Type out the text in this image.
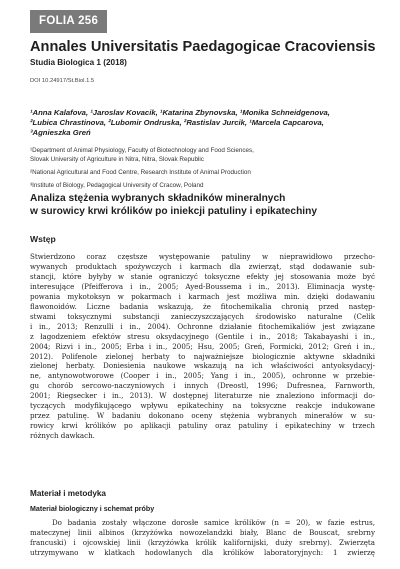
FOLIA 256
Annales Universitatis Paedagogicae Cracoviensis
Studia Biologica 1 (2018)
DOI 10.24917/St.Biol.1.5
¹Anna Kalafova, ¹Jaroslav Kovacik, ¹Katarina Zbynovska, ¹Monika Schneidgenova,
²Lubica Chrastinova, ²Lubomir Ondruska, ²Rastislav Jurcik, ¹Marcela Capcarova,
³Agnieszka Greń
¹Department of Animal Physiology, Faculty of Biotechnology and Food Sciences,
Slovak University of Agriculture in Nitra, Nitra, Slovak Republic
²National Agricultural and Food Centre, Research Institute of Animal Production
³Institute of Biology, Pedagogical University of Cracow, Poland
Analiza stężenia wybranych składników mineralnych
w surowicy krwi królików po iniekcji patuliny i epikatechiny
Wstęp
Stwierdzono coraz częstsze występowanie patuliny w nieprawidłowo przecho-
wywanych produktach spożywczych i karmach dla zwierząt, stąd dodawanie sub-
stancji, które byłyby w stanie ograniczyć toksyczne efekty jej stosowania może być
interesujące (Pfeifferova i in., 2005; Ayed-Boussema i in., 2013). Eliminacja wystę-
powania mykotoksyn w pokarmach i karmach jest możliwa min. dzięki dodawaniu
flawonoidów. Liczne badania wskazują, że fitochemikalia chronią przed następ-
stwami toksycznymi substancji zanieczyszczających środowisko naturalne (Celik
i in., 2013; Renzulli i in., 2004). Ochronne działanie fitochemikaliów jest związane
z łagodzeniem efektów stresu oksydacyjnego (Gentile i in., 2018; Takabayashi i in.,
2004; Rizvi i in., 2005; Erba i in., 2005; Hsu, 2005; Greń, Formicki, 2012; Greń i in.,
2012). Polifenole zielonej herbaty to najważniejsze biologicznie aktywne składniki
zielonej herbaty. Doniesienia naukowe wskazują na ich właściwości antyoksydacyj-
ne, antynowotworowe (Cooper i in., 2005; Yang i in., 2005), ochronne w przebie-
gu chorób sercowo-naczyniowych i innych (Dreostl, 1996; Dufresnea, Farnworth,
2001; Riegsecker i in., 2013). W dostępnej literaturze nie znaleziono informacji do-
tyczących modyfikującego wpływu epikatechiny na toksyczne reakcje indukowane
przez patulinę. W badaniu dokonano oceny stężenia wybranych minerałów w su-
rowicy krwi królików po aplikacji patuliny oraz patuliny i epikatechiny w trzech
różnych dawkach.
Materiał i metodyka
Materiał biologiczny i schemat próby
Do badania zostały włączone dorosłe samice królików (n = 20), w fazie estrus,
mateczynej linii albinos (krzyżówka nowozelandzki biały, Blanc de Bouscat, srebrny
francuski) i ojcowskiej linii (krzyżówka królik kalifornijski, duży srebrny). Zwierzęta
utrzymywano w klatkach hodowlanych dla królików laboratoryjnych: 1 zwierzę
